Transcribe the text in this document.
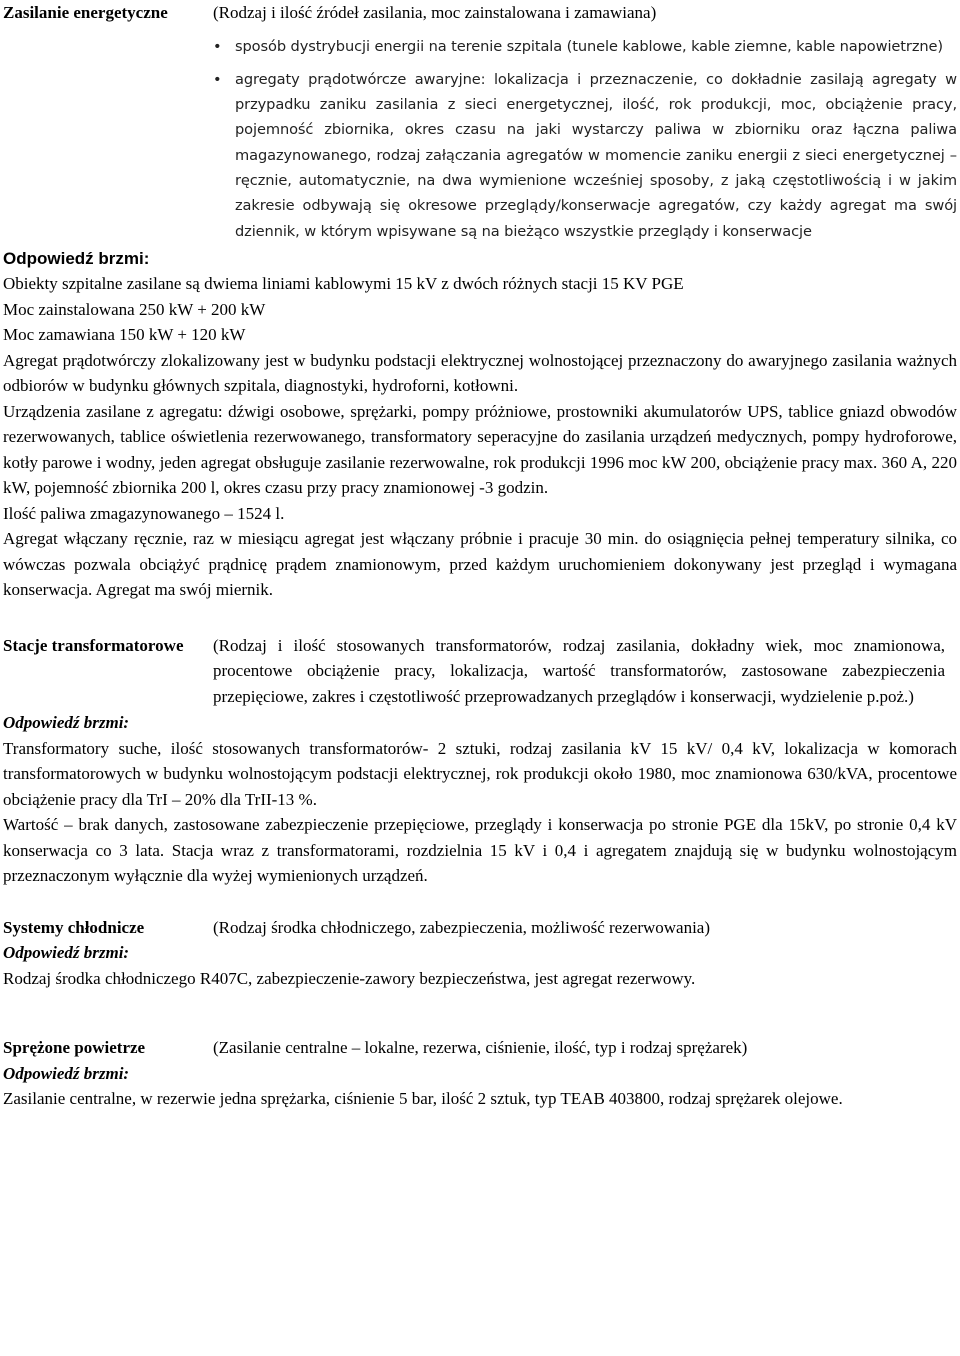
Zasilanie energetyczne	(Rodzaj i ilość źródeł zasilania, moc zainstalowana i zamawiana)
• sposób dystrybucji energii na terenie szpitala (tunele kablowe, kable ziemne, kable napowietrzne)
• agregaty prądotwórcze awaryjne: lokalizacja i przeznaczenie, co dokładnie zasilają agregaty w przypadku zaniku zasilania z sieci energetycznej, ilość, rok produkcji, moc, obciążenie pracy, pojemność zbiornika, okres czasu na jaki wystarczy paliwa w zbiorniku oraz łączna paliwa magazynowanego, rodzaj załączania agregatów w momencie zaniku energii z sieci energetycznej – ręcznie, automatycznie, na dwa wymienione wcześniej sposoby, z jaką częstotliwością i w jakim zakresie odbywają się okresowe przeglądy/konserwacje agregatów, czy każdy agregat ma swój dziennik, w którym wpisywane są na bieżąco wszystkie przeglądy i konserwacje
Odpowiedź brzmi:

Obiekty szpitalne zasilane są dwiema liniami kablowymi 15 kV z dwóch różnych stacji 15 KV PGE

Moc zainstalowana 250 kW + 200 kW

Moc zamawiana 150 kW + 120 kW

Agregat prądotwórczy zlokalizowany jest w budynku podstacji elektrycznej wolnostojącej przeznaczony do awaryjnego zasilania ważnych odbiorów w budynku głównych szpitala, diagnostyki, hydroforni, kotłowni.

Urządzenia zasilane z agregatu: dźwigi osobowe, sprężarki, pompy próżniowe, prostowniki akumulatorów UPS, tablice gniazd obwodów rezerwowanych, tablice oświetlenia rezerwowanego, transformatory seperacyjne do zasilania urządzeń medycznych, pompy hydroforowe, kotły parowe i wodny, jeden agregat obsługuje zasilanie rezerwowalne, rok produkcji 1996 moc kW 200, obciążenie pracy max. 360 A, 220 kW, pojemność zbiornika 200 l, okres czasu przy pracy znamionowej -3 godzin.

Ilość paliwa zmagazynowanego – 1524 l.

Agregat włączany ręcznie, raz w miesiącu agregat jest włączany próbnie i pracuje 30 min. do osiągnięcia pełnej temperatury silnika, co wówczas pozwala obciążyć prądnicę prądem znamionowym, przed każdym uruchomieniem dokonywany jest przegląd i wymagana konserwacja. Agregat ma swój miernik.

Stacje transformatorowe	(Rodzaj i ilość stosowanych transformatorów, rodzaj zasilania, dokładny wiek, moc znamionowa, procentowe obciążenie pracy, lokalizacja, wartość transformatorów, zastosowane zabezpieczenia przepięciowe, zakres i częstotliwość przeprowadzanych przeglądów i konserwacji, wydzielenie p.poż.)
Odpowiedź brzmi:

Transformatory suche, ilość stosowanych transformatorów- 2 sztuki, rodzaj zasilania kV 15 kV/ 0,4 kV, lokalizacja w komorach transformatorowych w budynku wolnostojącym podstacji elektrycznej, rok produkcji około 1980, moc znamionowa 630/kVA, procentowe obciążenie pracy dla TrI – 20% dla TrII-13 %.

Wartość – brak danych, zastosowane zabezpieczenie przepięciowe, przeglądy i konserwacja po stronie PGE dla 15kV, po stronie 0,4 kV konserwacja co 3 lata. Stacja wraz z transformatorami, rozdzielnia 15 kV i 0,4 i agregatem znajdują się w budynku wolnostojącym przeznaczonym wyłącznie dla wyżej wymienionych urządzeń.

Systemy chłodnicze	(Rodzaj środka chłodniczego, zabezpieczenia, możliwość rezerwowania)
Odpowiedź brzmi:

Rodzaj środka chłodniczego R407C, zabezpieczenie-zawory bezpieczeństwa, jest agregat rezerwowy.

Sprężone powietrze	(Zasilanie centralne – lokalne, rezerwa, ciśnienie, ilość, typ i rodzaj sprężarek)
Odpowiedź brzmi:

Zasilanie centralne, w rezerwie jedna sprężarka, ciśnienie 5 bar, ilość 2 sztuk, typ TEAB 403800, rodzaj sprężarek olejowe.
